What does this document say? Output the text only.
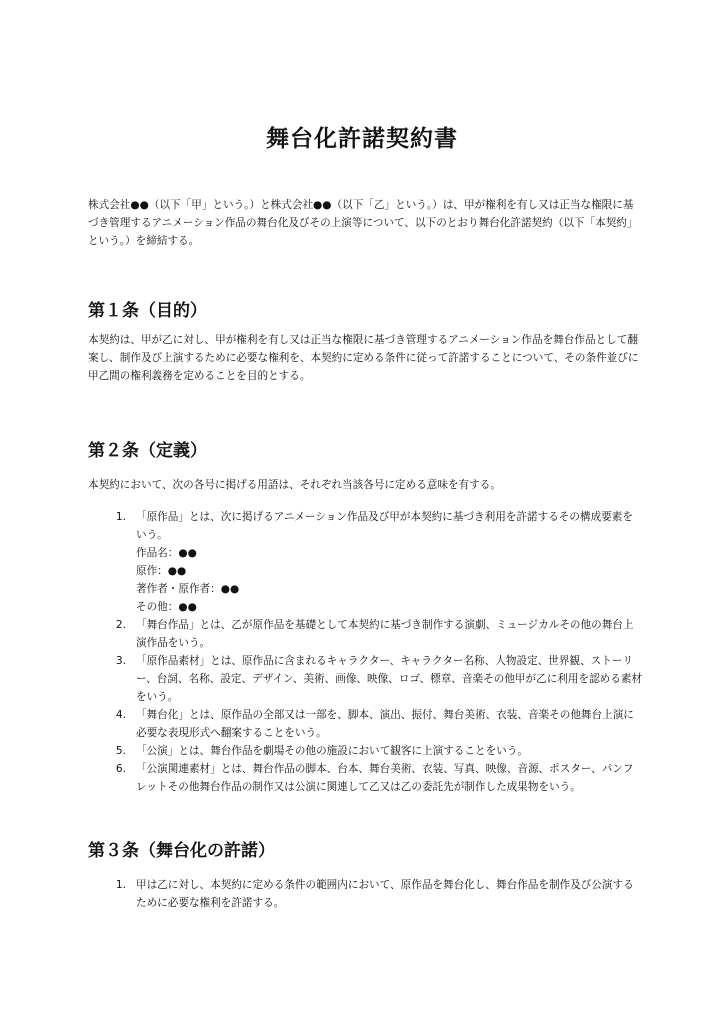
舞台化許諾契約書
株式会社●●（以下「甲」という。）と株式会社●●（以下「乙」という。）は、甲が権利を有し又は正当な権限に基づき管理するアニメーション作品の舞台化及びその上演等について、以下のとおり舞台化許諾契約（以下「本契約」という。）を締結する。
第１条（目的）
本契約は、甲が乙に対し、甲が権利を有し又は正当な権限に基づき管理するアニメーション作品を舞台作品として翻案し、制作及び上演するために必要な権利を、本契約に定める条件に従って許諾することについて、その条件並びに甲乙間の権利義務を定めることを目的とする。
第２条（定義）
本契約において、次の各号に掲げる用語は、それぞれ当該各号に定める意味を有する。
1. 「原作品」とは、次に掲げるアニメーション作品及び甲が本契約に基づき利用を許諾するその構成要素をいう。
作品名：●●
原作：●●
著作者・原作者：●●
その他：●●
2. 「舞台作品」とは、乙が原作品を基礎として本契約に基づき制作する演劇、ミュージカルその他の舞台上演作品をいう。
3. 「原作品素材」とは、原作品に含まれるキャラクター、キャラクター名称、人物設定、世界観、ストーリー、台詞、名称、設定、デザイン、美術、画像、映像、ロゴ、標章、音楽その他甲が乙に利用を認める素材をいう。
4. 「舞台化」とは、原作品の全部又は一部を、脚本、演出、振付、舞台美術、衣装、音楽その他舞台上演に必要な表現形式へ翻案することをいう。
5. 「公演」とは、舞台作品を劇場その他の施設において観客に上演することをいう。
6. 「公演関連素材」とは、舞台作品の脚本、台本、舞台美術、衣装、写真、映像、音源、ポスター、パンフレットその他舞台作品の制作又は公演に関連して乙又は乙の委託先が制作した成果物をいう。
第３条（舞台化の許諾）
1. 甲は乙に対し、本契約に定める条件の範囲内において、原作品を舞台化し、舞台作品を制作及び公演するために必要な権利を許諾する。
